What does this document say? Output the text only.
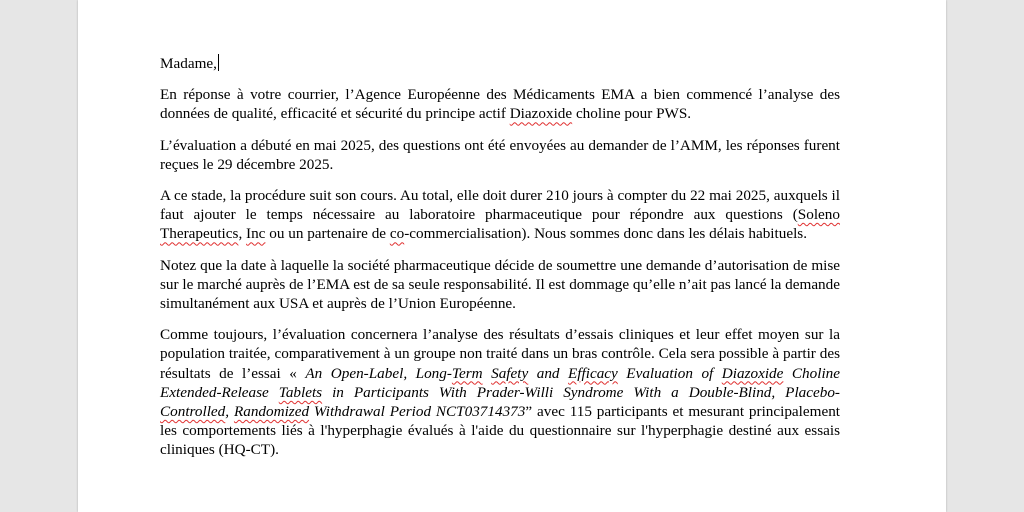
Madame,

En réponse à votre courrier, l’Agence Européenne des Médicaments EMA a bien commencé l’analyse des données de qualité, efficacité et sécurité du principe actif Diazoxide choline pour PWS.

L’évaluation a débuté en mai 2025, des questions ont été envoyées au demander de l’AMM, les réponses furent reçues le 29 décembre 2025.

A ce stade, la procédure suit son cours. Au total, elle doit durer 210 jours à compter du 22 mai 2025, auxquels il faut ajouter le temps nécessaire au laboratoire pharmaceutique pour répondre aux questions (Soleno Therapeutics, Inc ou un partenaire de co-commercialisation). Nous sommes donc dans les délais habituels.

Notez que la date à laquelle la société pharmaceutique décide de soumettre une demande d’autorisation de mise sur le marché auprès de l’EMA est de sa seule responsabilité. Il est dommage qu’elle n’ait pas lancé la demande simultanément aux USA et auprès de l’Union Européenne.

Comme toujours, l’évaluation concernera l’analyse des résultats d’essais cliniques et leur effet moyen sur la population traitée, comparativement à un groupe non traité dans un bras contrôle. Cela sera possible à partir des résultats de l’essai « An Open-Label, Long-Term Safety and Efficacy Evaluation of Diazoxide Choline Extended-Release Tablets in Participants With Prader-Willi Syndrome With a Double-Blind, Placebo-Controlled, Randomized Withdrawal Period NCT03714373” avec 115 participants et mesurant principalement les comportements liés à l'hyperphagie évalués à l'aide du questionnaire sur l'hyperphagie destiné aux essais cliniques (HQ-CT).
